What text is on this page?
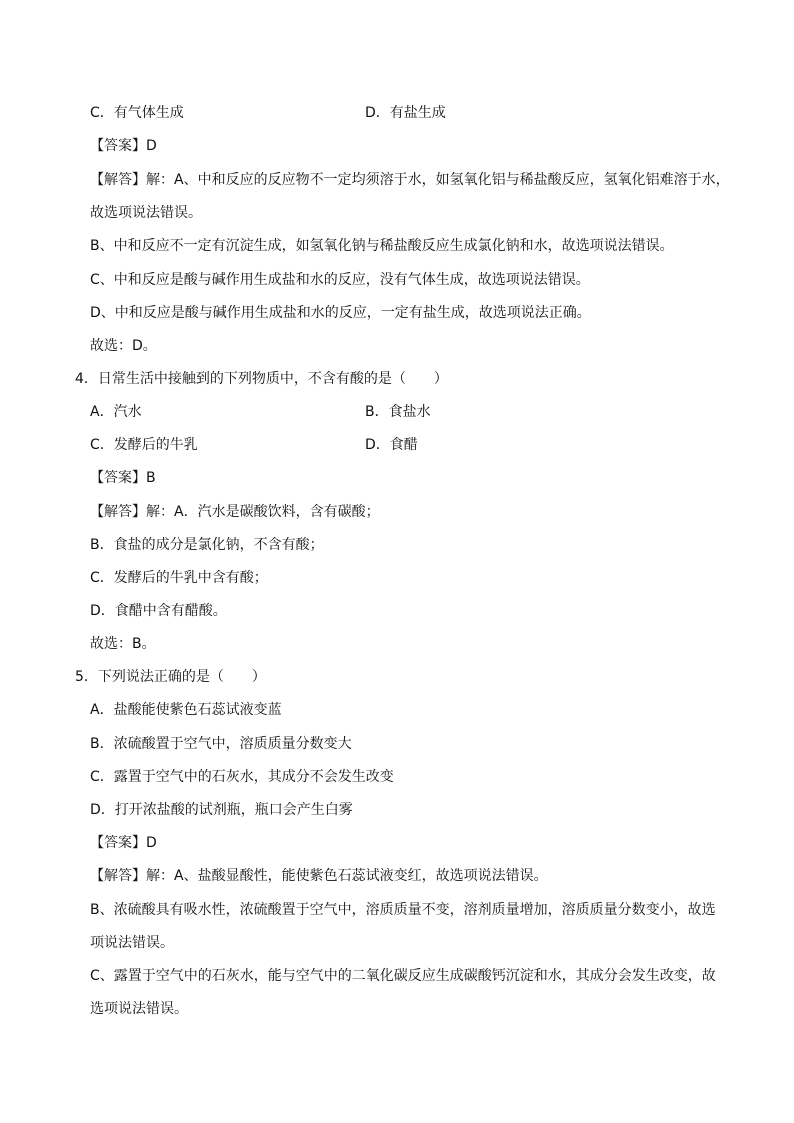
C．有气体生成	D．有盐生成
【答案】D
【解答】解：A、中和反应的反应物不一定均须溶于水，如氢氧化铝与稀盐酸反应，氢氧化铝难溶于水，
故选项说法错误。
B、中和反应不一定有沉淀生成，如氢氧化钠与稀盐酸反应生成氯化钠和水，故选项说法错误。
C、中和反应是酸与碱作用生成盐和水的反应，没有气体生成，故选项说法错误。
D、中和反应是酸与碱作用生成盐和水的反应，一定有盐生成，故选项说法正确。
故选：D。
4．日常生活中接触到的下列物质中，不含有酸的是（　　）
A．汽水	B．食盐水
C．发酵后的牛乳	D．食醋
【答案】B
【解答】解：A．汽水是碳酸饮料，含有碳酸；
B．食盐的成分是氯化钠，不含有酸；
C．发酵后的牛乳中含有酸；
D．食醋中含有醋酸。
故选：B。
5．下列说法正确的是（　　）
A．盐酸能使紫色石蕊试液变蓝
B．浓硫酸置于空气中，溶质质量分数变大
C．露置于空气中的石灰水，其成分不会发生改变
D．打开浓盐酸的试剂瓶，瓶口会产生白雾
【答案】D
【解答】解：A、盐酸显酸性，能使紫色石蕊试液变红，故选项说法错误。
B、浓硫酸具有吸水性，浓硫酸置于空气中，溶质质量不变，溶剂质量增加，溶质质量分数变小，故选
项说法错误。
C、露置于空气中的石灰水，能与空气中的二氧化碳反应生成碳酸钙沉淀和水，其成分会发生改变，故
选项说法错误。
